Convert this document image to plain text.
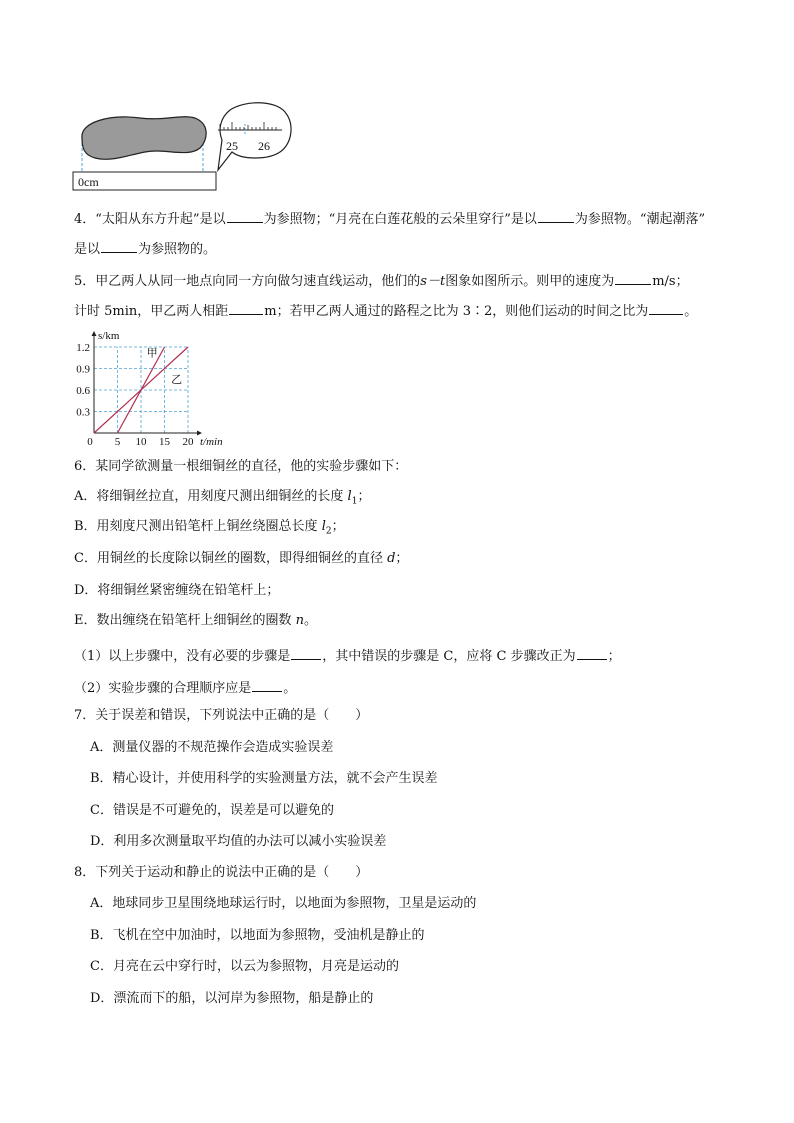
0cm
25 26
4．“太阳从东方升起”是以	为参照物；“月亮在白莲花般的云朵里穿行”是以	为参照物。“潮起潮落”
是以	为参照物的。
5．甲乙两人从同一地点向同一方向做匀速直线运动，他们的s－t图象如图所示。则甲的速度为	m/s；
计时 5min，甲乙两人相距	m；若甲乙两人通过的路程之比为 3∶2，则他们运动的时间之比为	。
5 10 15 20
0.3
0.6
0.9
1.2
0
s/km
t/min
甲
乙
6．某同学欲测量一根细铜丝的直径，他的实验步骤如下：
A．将细铜丝拉直，用刻度尺测出细铜丝的长度 $l_1$；
B．用刻度尺测出铅笔杆上铜丝绕圈总长度 $l_2$；
C．用铜丝的长度除以铜丝的圈数，即得细铜丝的直径 d；
D．将细铜丝紧密缠绕在铅笔杆上；
E．数出缠绕在铅笔杆上细铜丝的圈数 n。
（1）以上步骤中，没有必要的步骤是 ，其中错误的步骤是 C，应将 C 步骤改正为 ；
（2）实验步骤的合理顺序应是 。
7．关于误差和错误，下列说法中正确的是（　　）
A．测量仪器的不规范操作会造成实验误差
B．精心设计，并使用科学的实验测量方法，就不会产生误差
C．错误是不可避免的，误差是可以避免的
D．利用多次测量取平均值的办法可以减小实验误差
8．下列关于运动和静止的说法中正确的是（　　）
A．地球同步卫星围绕地球运行时，以地面为参照物，卫星是运动的
B．飞机在空中加油时，以地面为参照物，受油机是静止的
C．月亮在云中穿行时，以云为参照物，月亮是运动的
D．漂流而下的船，以河岸为参照物，船是静止的
